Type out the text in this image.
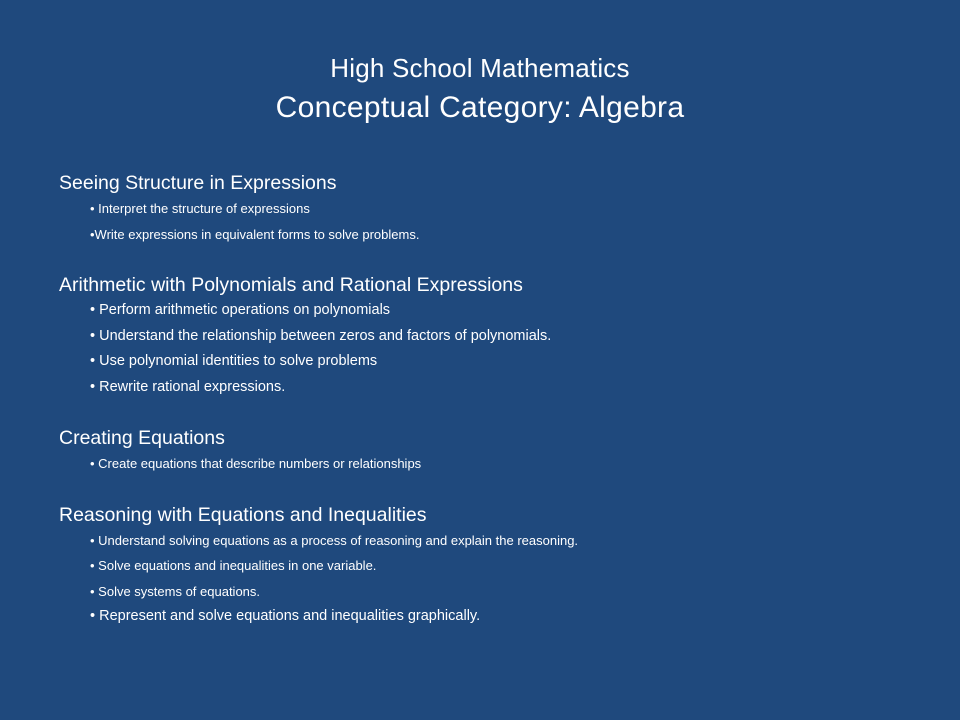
High School Mathematics
Conceptual Category: Algebra
Seeing Structure in Expressions
• Interpret the structure of expressions
•Write expressions in equivalent forms to solve problems.
Arithmetic with Polynomials and Rational Expressions
• Perform arithmetic operations on polynomials
• Understand the relationship between zeros and factors of polynomials.
• Use polynomial identities to solve problems
• Rewrite rational expressions.
Creating Equations
• Create equations that describe numbers or relationships
Reasoning with Equations and Inequalities
• Understand solving equations as a process of reasoning and explain the reasoning.
• Solve equations and inequalities in one variable.
• Solve systems of equations.
• Represent and solve equations and inequalities graphically.
